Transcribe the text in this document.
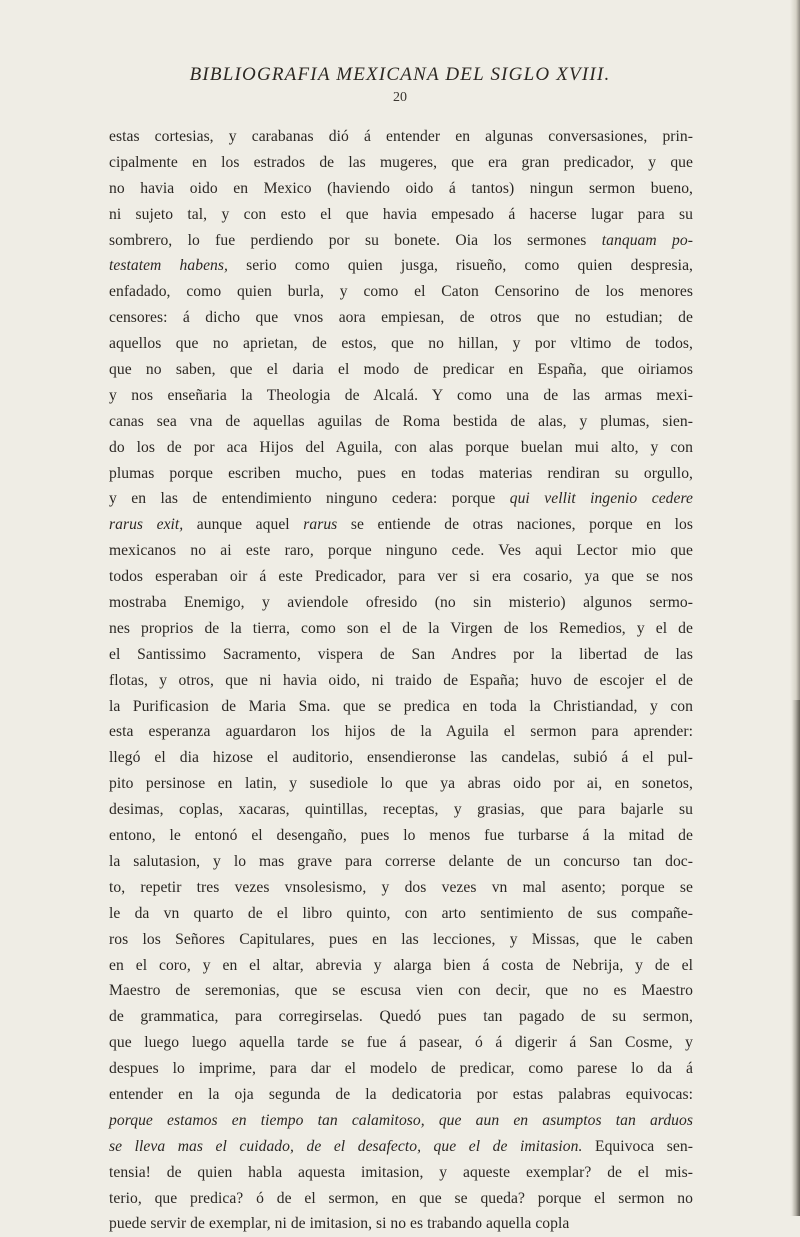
BIBLIOGRAFIA MEXICANA DEL SIGLO XVIII.
20
estas cortesias, y carabanas dió á entender en algunas conversasiones, prin-
cipalmente en los estrados de las mugeres, que era gran predicador, y que
no havia oido en Mexico (haviendo oido á tantos) ningun sermon bueno,
ni sujeto tal, y con esto el que havia empesado á hacerse lugar para su
sombrero, lo fue perdiendo por su bonete. Oia los sermones tanquam po-
testatem habens, serio como quien jusga, risueño, como quien despresia,
enfadado, como quien burla, y como el Caton Censorino de los menores
censores: á dicho que vnos aora empiesan, de otros que no estudian; de
aquellos que no aprietan, de estos, que no hillan, y por vltimo de todos,
que no saben, que el daria el modo de predicar en España, que oiriamos
y nos enseñaria la Theologia de Alcalá. Y como una de las armas mexi-
canas sea vna de aquellas aguilas de Roma bestida de alas, y plumas, sien-
do los de por aca Hijos del Aguila, con alas porque buelan mui alto, y con
plumas porque escriben mucho, pues en todas materias rendiran su orgullo,
y en las de entendimiento ninguno cedera: porque qui vellit ingenio cedere
rarus exit, aunque aquel rarus se entiende de otras naciones, porque en los
mexicanos no ai este raro, porque ninguno cede. Ves aqui Lector mio que
todos esperaban oir á este Predicador, para ver si era cosario, ya que se nos
mostraba Enemigo, y aviendole ofresido (no sin misterio) algunos sermo-
nes proprios de la tierra, como son el de la Virgen de los Remedios, y el de
el Santissimo Sacramento, vispera de San Andres por la libertad de las
flotas, y otros, que ni havia oido, ni traido de España; huvo de escojer el de
la Purificasion de Maria Sma. que se predica en toda la Christiandad, y con
esta esperanza aguardaron los hijos de la Aguila el sermon para aprender:
llegó el dia hizose el auditorio, ensendieronse las candelas, subió á el pul-
pito persinose en latin, y susediole lo que ya abras oido por ai, en sonetos,
desimas, coplas, xacaras, quintillas, receptas, y grasias, que para bajarle su
entono, le entonó el desengaño, pues lo menos fue turbarse á la mitad de
la salutasion, y lo mas grave para correrse delante de un concurso tan doc-
to, repetir tres vezes vnsolesismo, y dos vezes vn mal asento; porque se
le da vn quarto de el libro quinto, con arto sentimiento de sus compañe-
ros los Señores Capitulares, pues en las lecciones, y Missas, que le caben
en el coro, y en el altar, abrevia y alarga bien á costa de Nebrija, y de el
Maestro de seremonias, que se escusa vien con decir, que no es Maestro
de grammatica, para corregirselas. Quedó pues tan pagado de su sermon,
que luego luego aquella tarde se fue á pasear, ó á digerir á San Cosme, y
despues lo imprime, para dar el modelo de predicar, como parese lo da á
entender en la oja segunda de la dedicatoria por estas palabras equivocas:
porque estamos en tiempo tan calamitoso, que aun en asumptos tan arduos
se lleva mas el cuidado, de el desafecto, que el de imitasion. Equivoca sen-
tensia! de quien habla aquesta imitasion, y aqueste exemplar? de el mis-
terio, que predica? ó de el sermon, en que se queda? porque el sermon no
puede servir de exemplar, ni de imitasion, si no es trabando aquella copla
